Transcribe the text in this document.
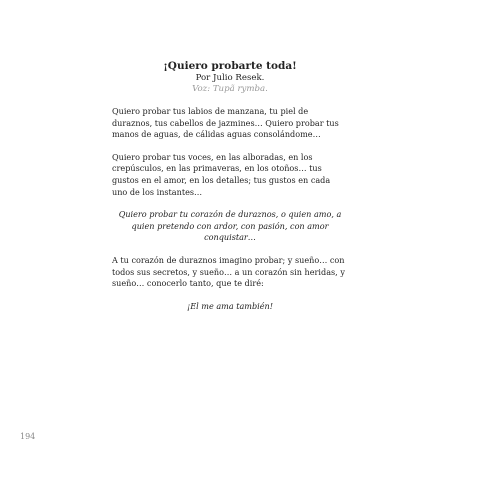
¡Quiero probarte toda!

Por Julio Resek.

Voz: Tupã rymba.

Quiero probar tus labios de manzana, tu piel de duraznos, tus cabellos de jazmines… Quiero probar tus manos de aguas, de cálidas aguas consolándome…

Quiero probar tus voces, en las alboradas, en los crepúsculos, en las primaveras, en los otoños… tus gustos en el amor, en los detalles; tus gustos en cada uno de los instantes…

Quiero probar tu corazón de duraznos, o quien amo, a quien pretendo con ardor, con pasión, con amor conquistar…

A tu corazón de duraznos imagino probar; y sueño… con todos sus secretos, y sueño… a un corazón sin heridas, y sueño… conocerlo tanto, que te diré:

¡El me ama también!

194
